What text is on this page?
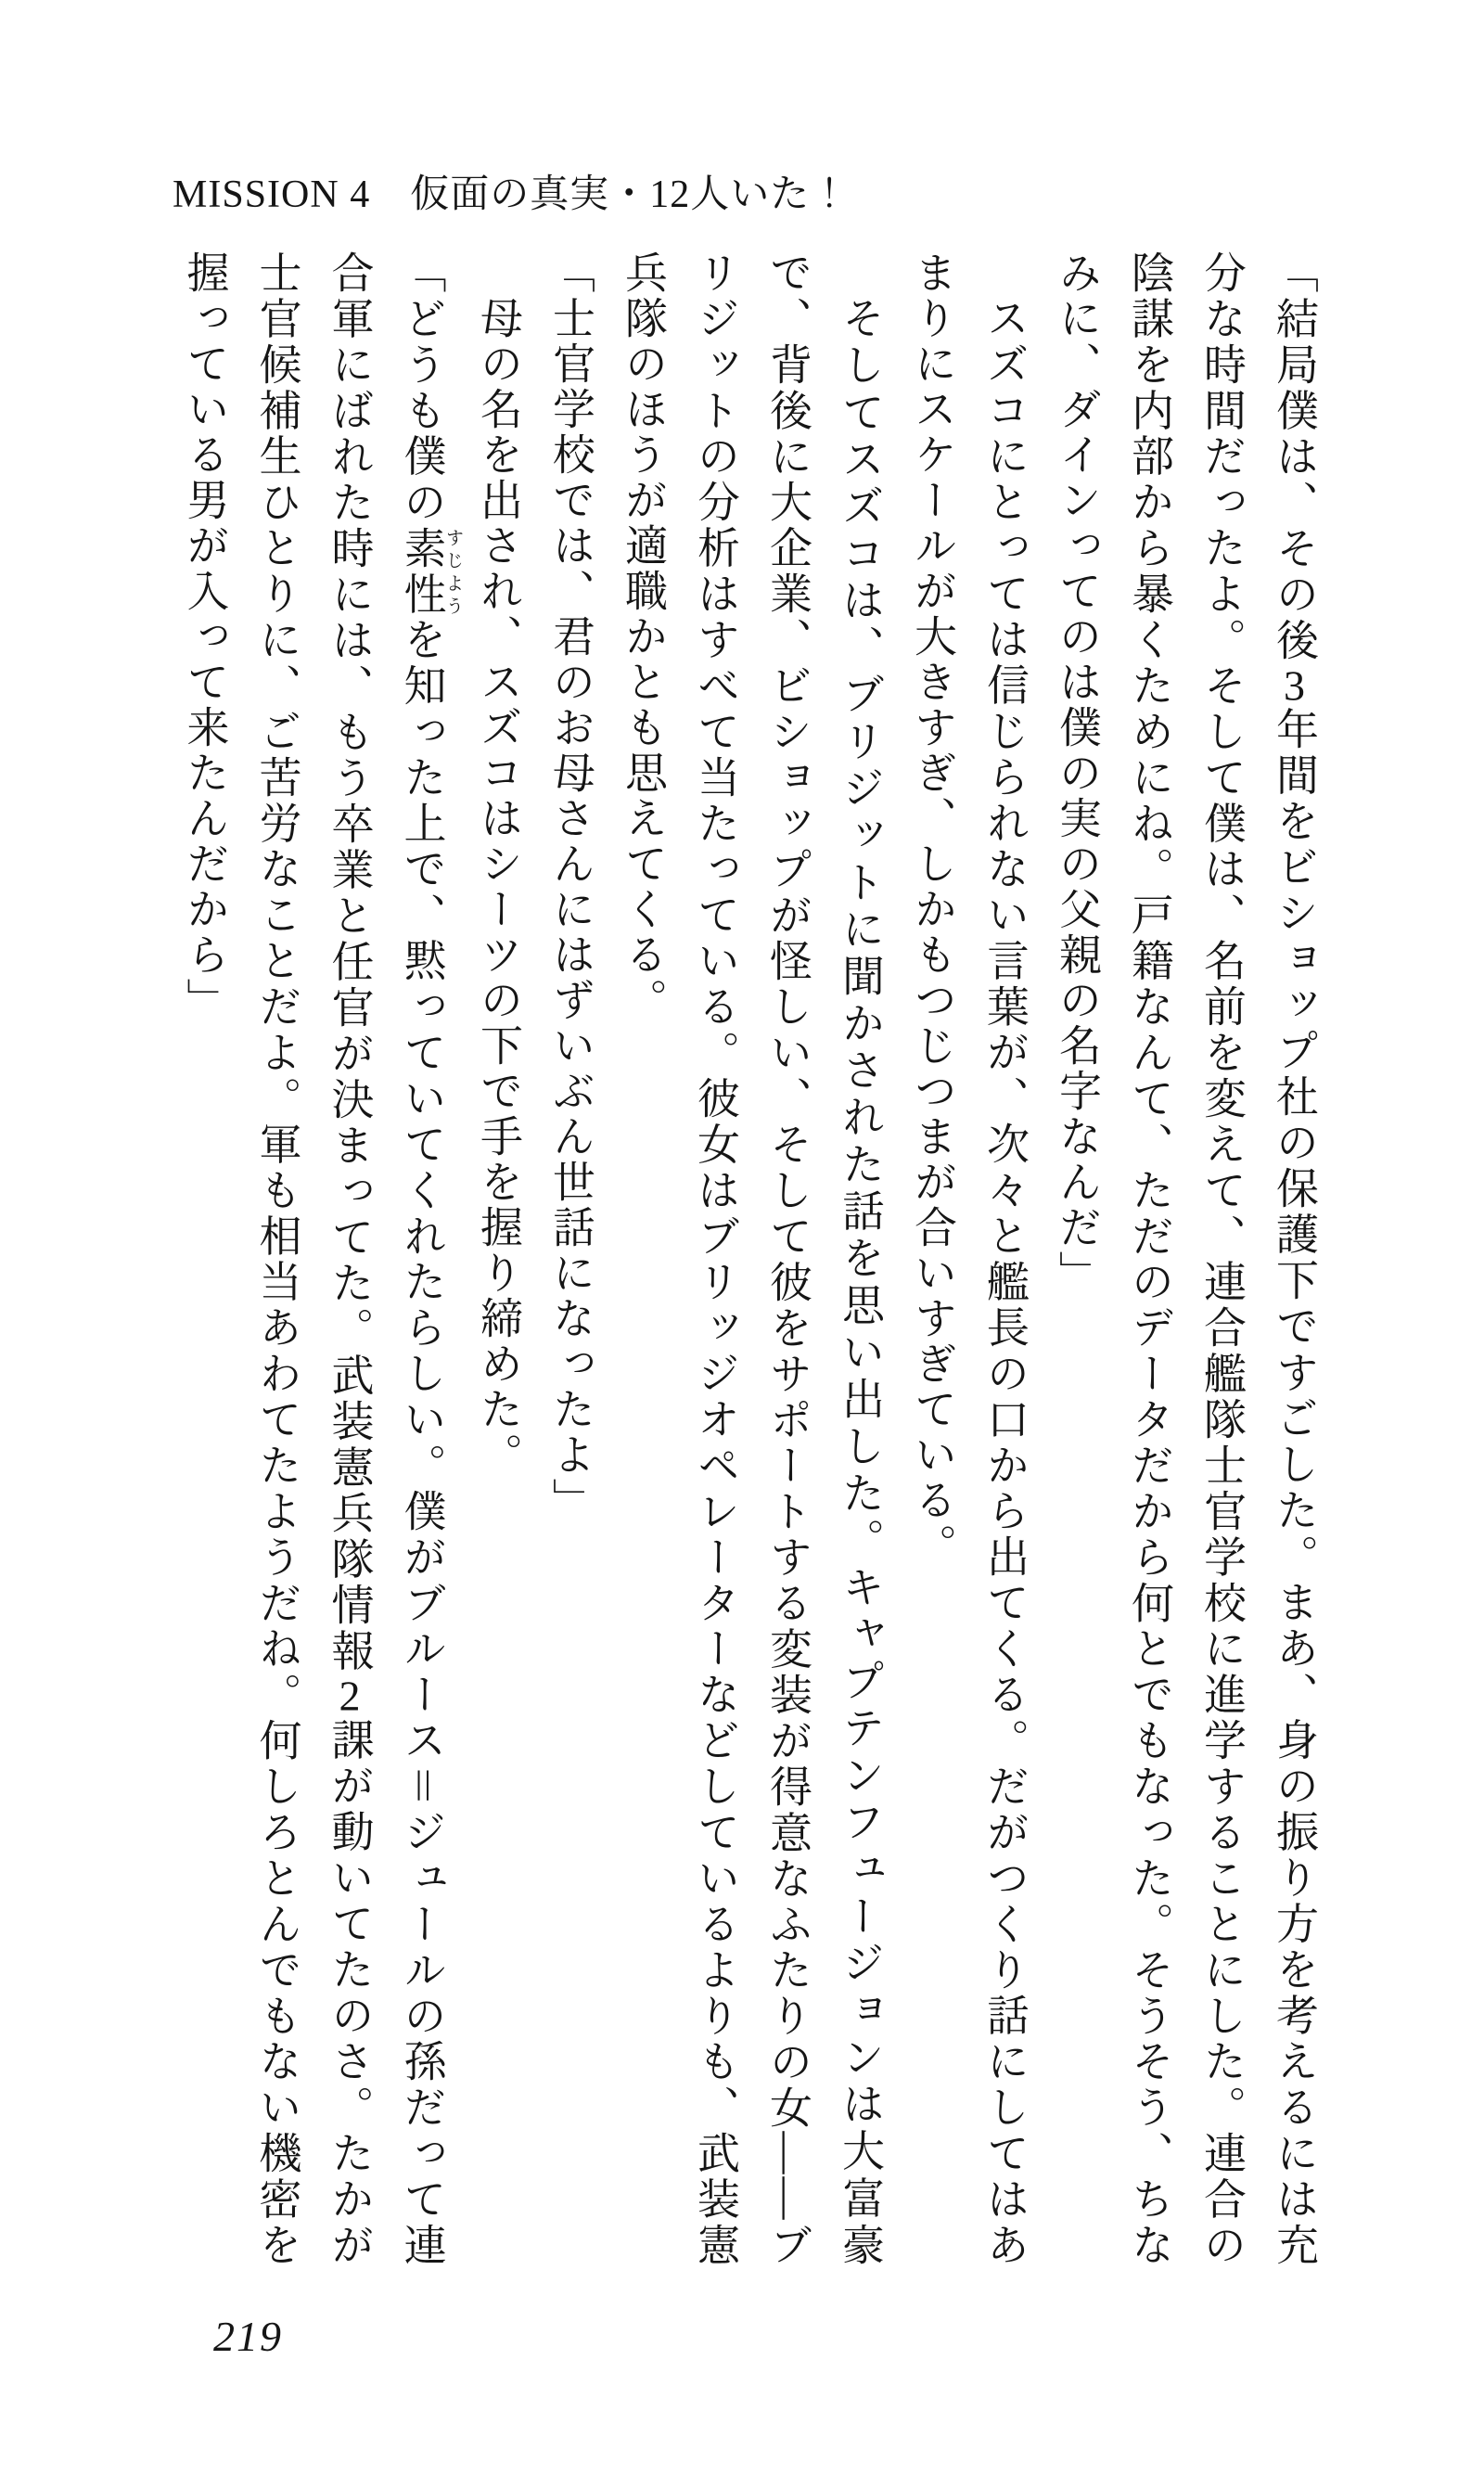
MISSION 4　仮面の真実・12人いた！

「結局僕は、その後3年間をビショップ社の保護下ですごした。まあ、身の振り方を考えるには充分な時間だったよ。そして僕は、名前を変えて、連合艦隊士官学校に進学することにした。連合の陰謀を内部から暴くためにね。戸籍なんて、ただのデータだから何とでもなった。そうそう、ちなみに、ダインってのは僕の実の父親の名字なんだ」

スズコにとっては信じられない言葉が、次々と艦長の口から出てくる。だがつくり話にしてはあまりにスケールが大きすぎ、しかもつじつまが合いすぎている。

そしてスズコは、ブリジットに聞かされた話を思い出した。キャプテンフュージョンは大富豪で、背後に大企業、ビショップが怪しい、そして彼をサポートする変装が得意なふたりの女――ブリジットの分析はすべて当たっている。彼女はブリッジオペレーターなどしているよりも、武装憲兵隊のほうが適職かとも思えてくる。

「士官学校では、君のお母さんにはずいぶん世話になったよ」

母の名を出され、スズコはシーツの下で手を握り締めた。

「どうも僕の素性すじようを知った上で、黙っていてくれたらしい。僕がブルース＝ジュールの孫だって連合軍にばれた時には、もう卒業と任官が決まってた。武装憲兵隊情報2課が動いてたのさ。たかが士官候補生ひとりに、ご苦労なことだよ。軍も相当あわてたようだね。何しろとんでもない機密を握っている男が入って来たんだから」

219
